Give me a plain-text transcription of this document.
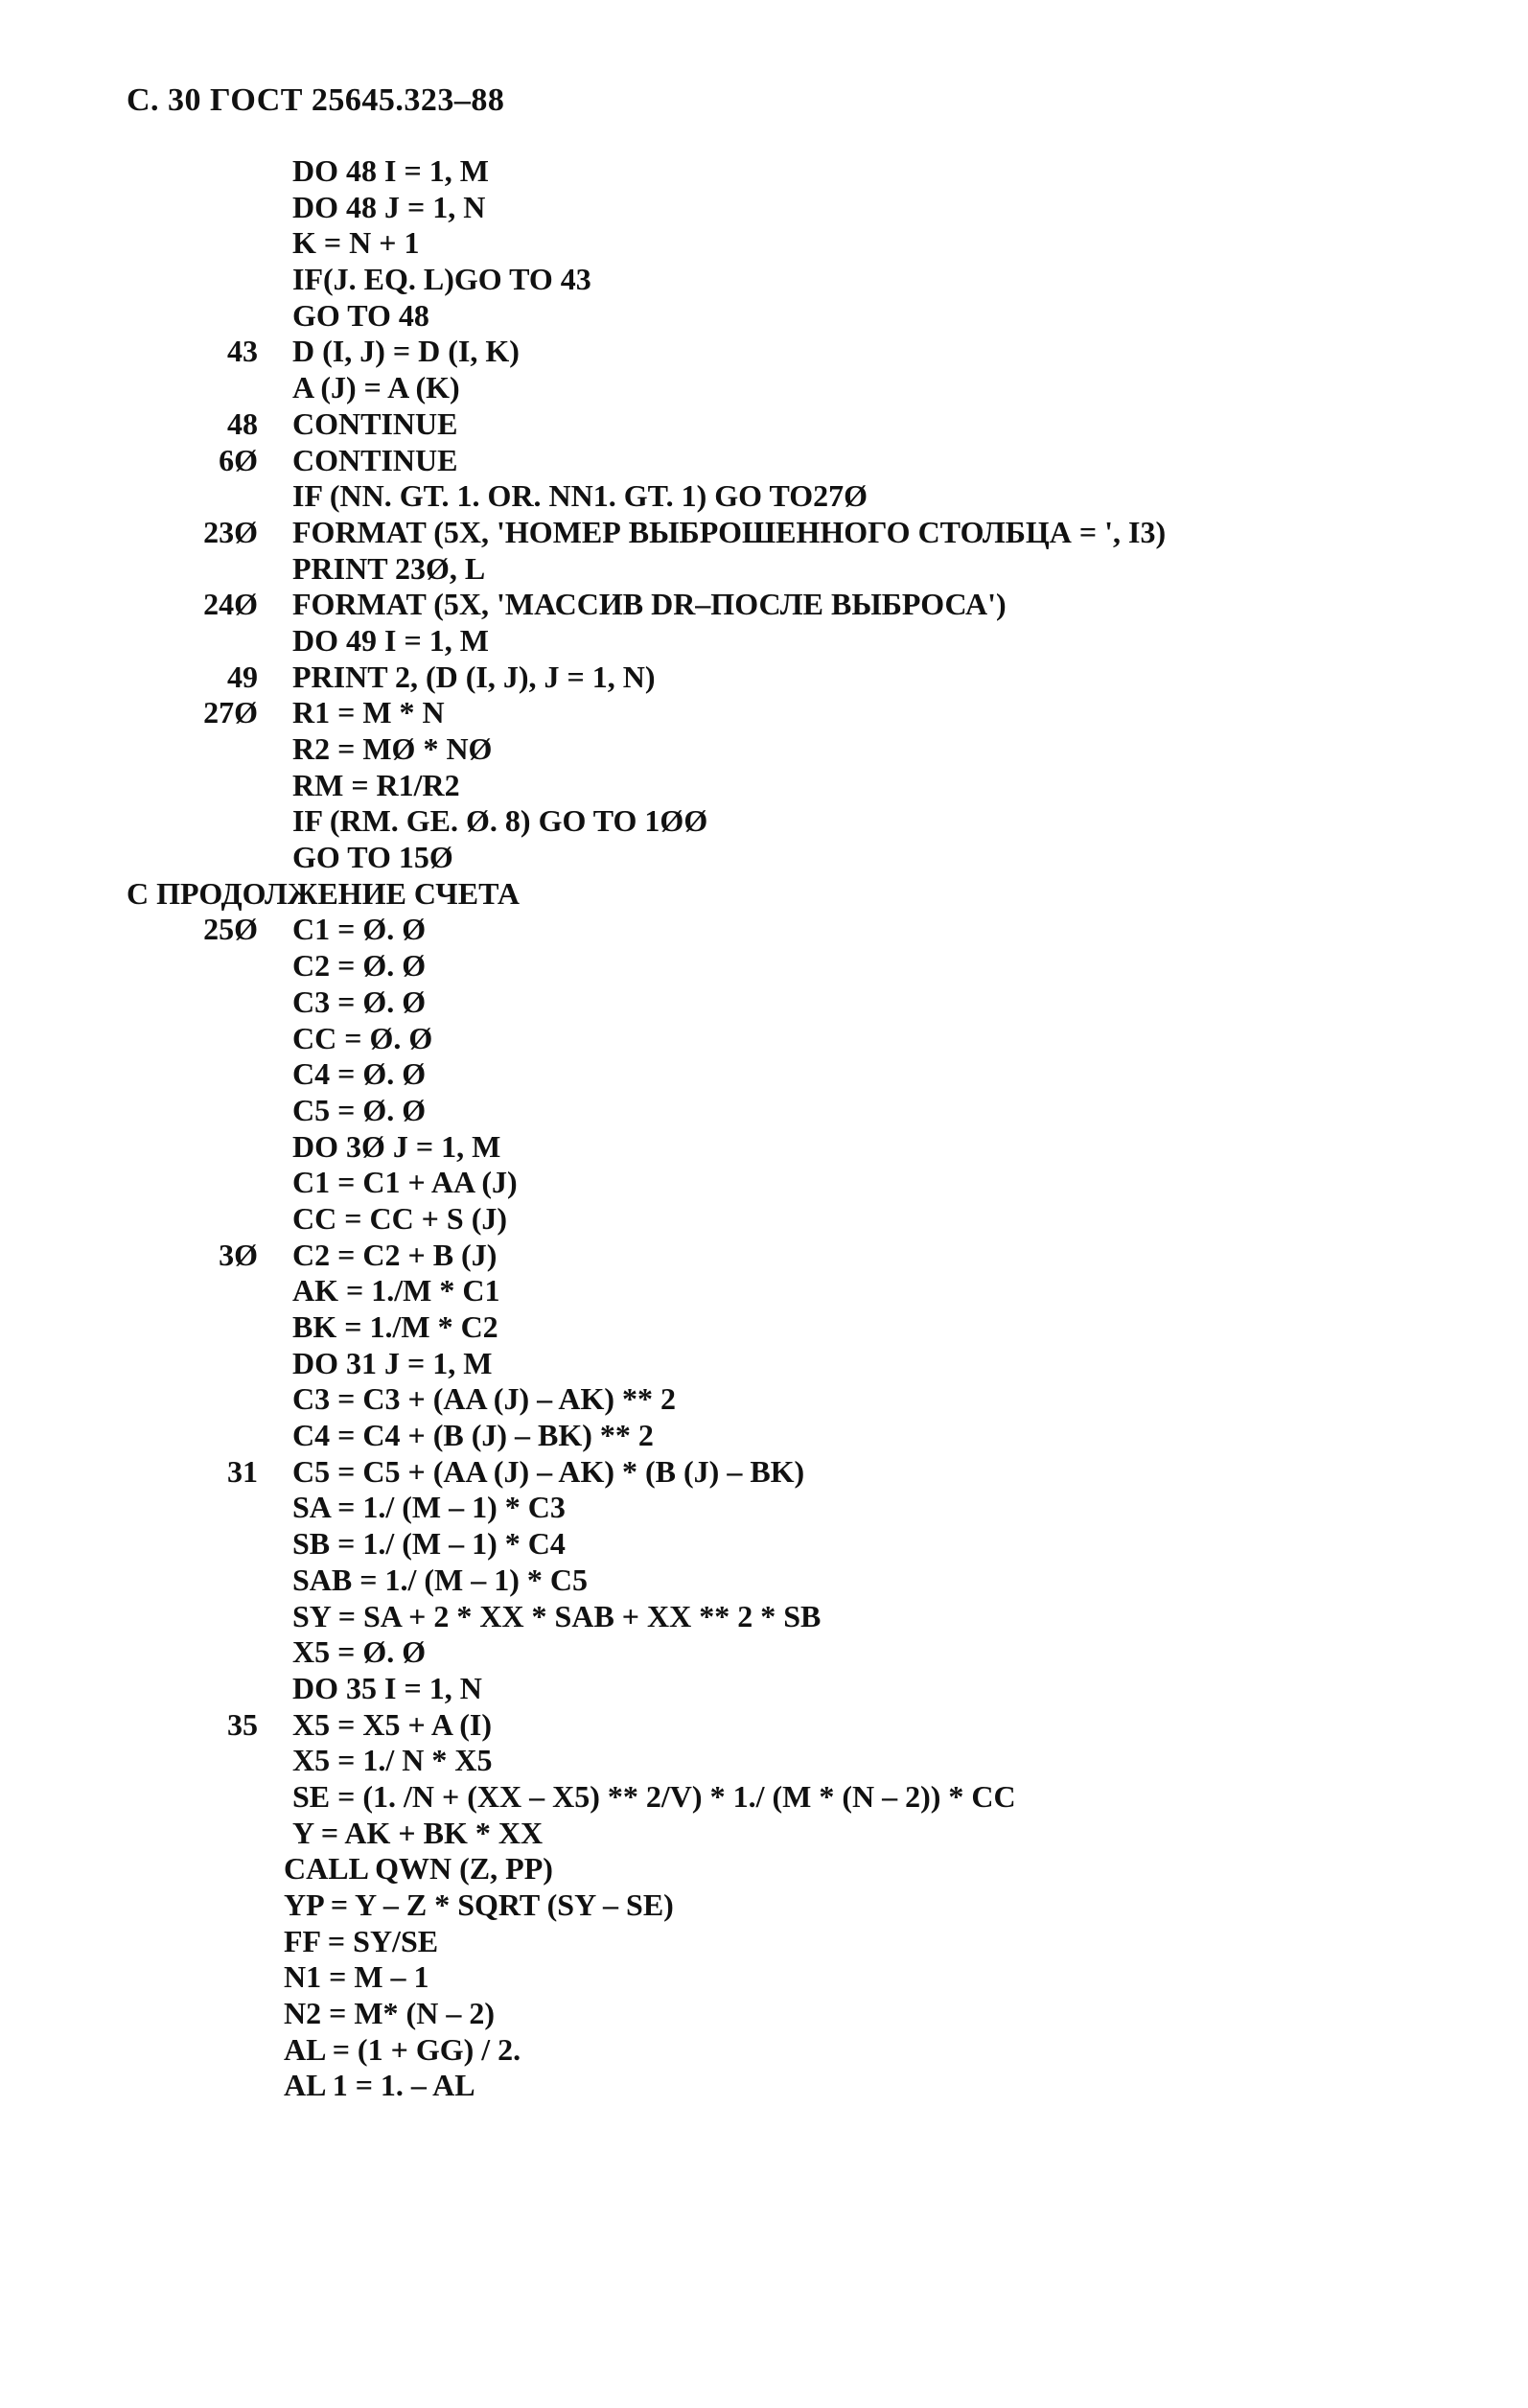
С. 30 ГОСТ 25645.323–88
DO 48 I = 1, M
DO 48 J = 1, N
K = N + 1
IF(J. EQ. L)GO TO 43
GO TO 48
43 D (I, J) = D (I, K)
A (J) = A (K)
48 CONTINUE
6Ø CONTINUE
IF (NN. GT. 1. OR. NN1. GT. 1) GO TO27Ø
23Ø FORMAT (5X, 'НОМЕР ВЫБРОШЕННОГО СТОЛБЦА = ', I3)
PRINT 23Ø, L
24Ø FORMAT (5X, 'МАССИВ DR–ПОСЛЕ ВЫБРОСА')
DO 49 I = 1, M
49 PRINT 2, (D (I, J), J = 1, N)
27Ø R1 = M * N
R2 = MØ * NØ
RM = R1/R2
IF (RM. GE. Ø. 8) GO TO 1ØØ
GO TO 15Ø
С ПРОДОЛЖЕНИЕ СЧЕТА
25Ø C1 = Ø. Ø
C2 = Ø. Ø
C3 = Ø. Ø
CC = Ø. Ø
C4 = Ø. Ø
C5 = Ø. Ø
DO 3Ø J = 1, M
C1 = C1 + AA (J)
CC = CC + S (J)
3Ø C2 = C2 + B (J)
AK = 1./M * C1
BK = 1./M * C2
DO 31 J = 1, M
C3 = C3 + (AA (J) – AK) ** 2
C4 = C4 + (B (J) – BK) ** 2
31 C5 = C5 + (AA (J) – AK) * (B (J) – BK)
SA = 1./ (M – 1) * C3
SB = 1./ (M – 1) * C4
SAB = 1./ (M – 1) * C5
SY = SA + 2 * XX * SAB + XX ** 2 * SB
X5 = Ø. Ø
DO 35 I = 1, N
35 X5 = X5 + A (I)
X5 = 1./ N * X5
SE = (1. /N + (XX – X5) ** 2/V) * 1./ (M * (N – 2)) * CC
Y = AK + BK * XX
CALL QWN (Z, PP)
YP = Y – Z * SQRT (SY – SE)
FF = SY/SE
N1 = M – 1
N2 = M* (N – 2)
AL = (1 + GG) / 2.
AL 1 = 1. – AL
